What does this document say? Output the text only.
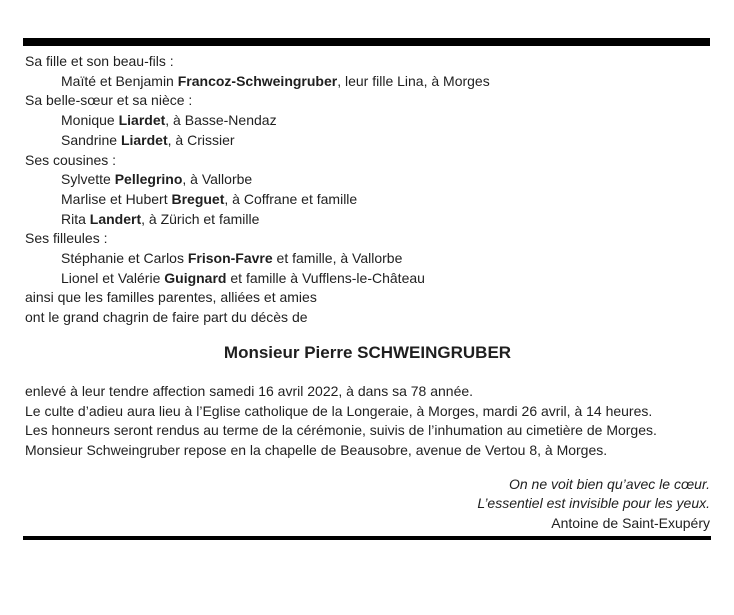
Sa fille et son beau-fils :
Maïté et Benjamin Francoz-Schweingruber, leur fille Lina, à Morges
Sa belle-sœur et sa nièce :
Monique Liardet, à Basse-Nendaz
Sandrine Liardet, à Crissier
Ses cousines :
Sylvette Pellegrino, à Vallorbe
Marlise et Hubert Breguet, à Coffrane et famille
Rita Landert, à Zürich et famille
Ses filleules :
Stéphanie et Carlos Frison-Favre et famille, à Vallorbe
Lionel et Valérie Guignard et famille à Vufflens-le-Château
ainsi que les familles parentes, alliées et amies
ont le grand chagrin de faire part du décès de
Monsieur Pierre SCHWEINGRUBER
enlevé à leur tendre affection samedi 16 avril 2022, à dans sa 78 année.
Le culte d’adieu aura lieu à l’Eglise catholique de la Longeraie, à Morges, mardi 26 avril, à 14 heures.
Les honneurs seront rendus au terme de la cérémonie, suivis de l’inhumation au cimetière de Morges.
Monsieur Schweingruber repose en la chapelle de Beausobre, avenue de Vertou 8, à Morges.
On ne voit bien qu’avec le cœur.
L’essentiel est invisible pour les yeux.
Antoine de Saint-Exupéry
